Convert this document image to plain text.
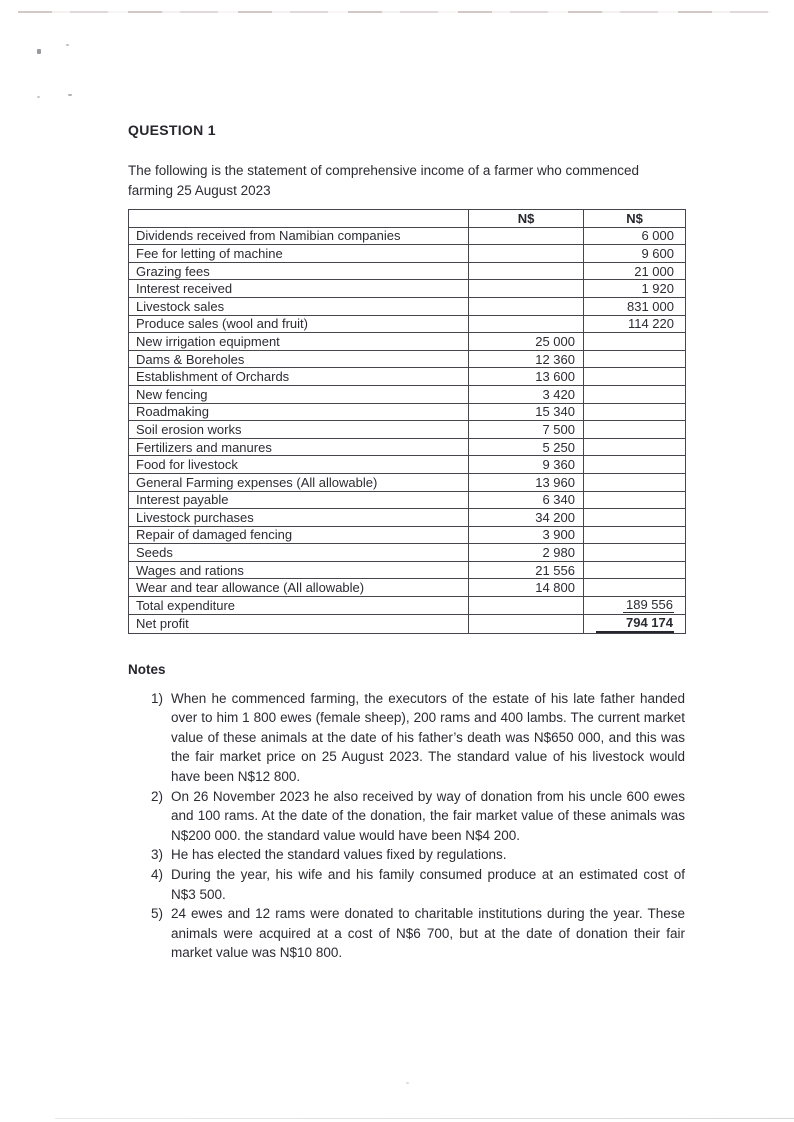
QUESTION 1

The following is the statement of comprehensive income of a farmer who commenced farming 25 August 2023

	N$	N$
Dividends received from Namibian companies		6 000
Fee for letting of machine		9 600
Grazing fees		21 000
Interest received		1 920
Livestock sales		831 000
Produce sales (wool and fruit)		114 220
New irrigation equipment	25 000	
Dams & Boreholes	12 360	
Establishment of Orchards	13 600	
New fencing	3 420	
Roadmaking	15 340	
Soil erosion works	7 500	
Fertilizers and manures	5 250	
Food for livestock	9 360	
General Farming expenses (All allowable)	13 960	
Interest payable	6 340	
Livestock purchases	34 200	
Repair of damaged fencing	3 900	
Seeds	2 980	
Wages and rations	21 556	
Wear and tear allowance (All allowable)	14 800	
Total expenditure		189 556
Net profit		794 174
Notes
1) When he commenced farming, the executors of the estate of his late father handed over to him 1 800 ewes (female sheep), 200 rams and 400 lambs. The current market value of these animals at the date of his father’s death was N$650 000, and this was the fair market price on 25 August 2023. The standard value of his livestock would have been N$12 800.
2) On 26 November 2023 he also received by way of donation from his uncle 600 ewes and 100 rams. At the date of the donation, the fair market value of these animals was N$200 000. the standard value would have been N$4 200.
3) He has elected the standard values fixed by regulations.
4) During the year, his wife and his family consumed produce at an estimated cost of N$3 500.
5) 24 ewes and 12 rams were donated to charitable institutions during the year. These animals were acquired at a cost of N$6 700, but at the date of donation their fair market value was N$10 800.
